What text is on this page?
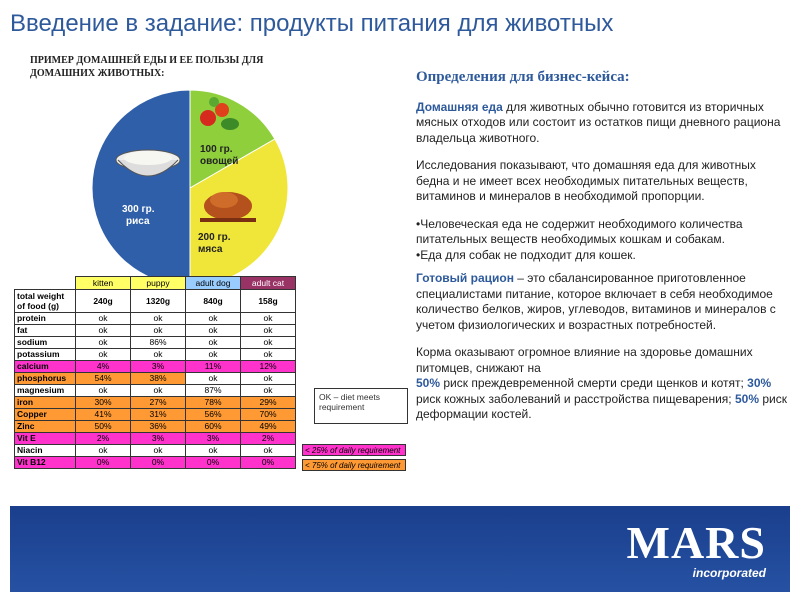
Введение в задание: продукты питания для животных
ПРИМЕР ДОМАШНЕЙ ЕДЫ И ЕЕ ПОЛЬЗЫ ДЛЯ ДОМАШНИХ ЖИВОТНЫХ:
300 гр. риса
100 гр. овощей
200 гр. мяса
	kitten	puppy	adult dog	adult cat
total weight of food (g)	240g	1320g	840g	158g
protein	ok	ok	ok	ok
fat	ok	ok	ok	ok
sodium	ok	86%	ok	ok
potassium	ok	ok	ok	ok
calcium	4%	3%	11%	12%
phosphorus	54%	38%	ok	ok
magnesium	ok	ok	87%	ok
iron	30%	27%	78%	29%
Copper	41%	31%	56%	70%
Zinc	50%	36%	60%	49%
Vit E	2%	3%	3%	2%
Niacin	ok	ok	ok	ok
Vit B12	0%	0%	0%	0%
OK – diet meets requirement
< 25% of daily requirement
< 75% of daily requirement
Определения для бизнес-кейса:

Домашняя еда для животных обычно готовится из вторичных мясных отходов или состоит из остатков пищи дневного рациона владельца животного.

Исследования показывают, что домашняя еда для животных бедна и не имеет всех необходимых питательных веществ, витаминов и минералов в необходимой пропорции.

•Человеческая еда не содержит необходимого количества питательных веществ необходимых кошкам и собакам.
•Еда для собак не подходит для кошек.

Готовый рацион – это сбалансированное приготовленное специалистами питание, которое включает в себя необходимое количество белков, жиров, углеводов, витаминов и минералов с учетом физиологических и возрастных потребностей.

Корма оказывают огромное влияние на здоровье домашних питомцев, снижают на
50% риск преждевременной смерти среди щенков и котят; 30% риск кожных заболеваний и расстройства пищеварения; 50% риск деформации костей.

MARS
incorporated
